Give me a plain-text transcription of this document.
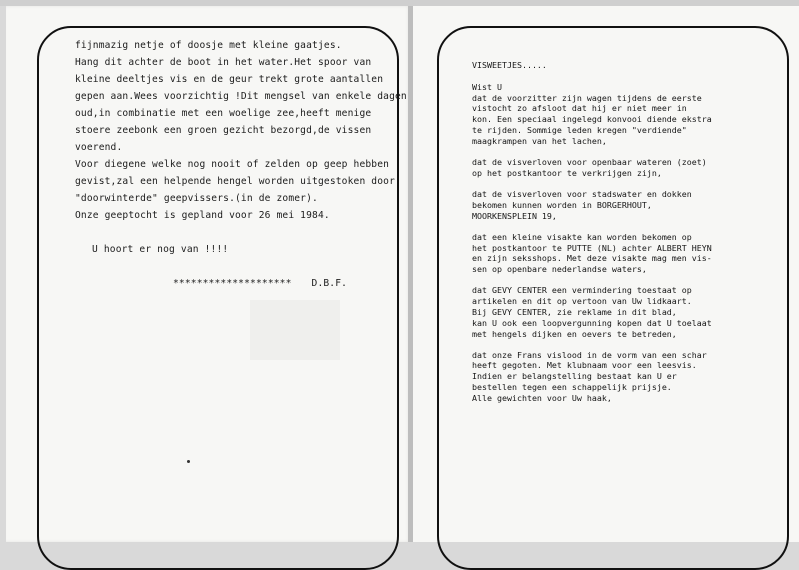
fijnmazig netje of doosje met kleine gaatjes.
Hang dit achter de boot in het water.Het spoor van
kleine deeltjes vis en de geur trekt grote aantallen
gepen aan.Wees voorzichtig !Dit mengsel van enkele dagen
oud,in combinatie met een woelige zee,heeft menige
stoere zeebonk een groen gezicht bezorgd,de vissen
voerend.
Voor diegene welke nog nooit of zelden op geep hebben
gevist,zal een helpende hengel worden uitgestoken door
"doorwinterde" geepvissers.(in de zomer).
Onze geeptocht is gepland voor 26 mei 1984.
U hoort er nog van !!!!
******************** D.B.F.
VISWEETJES.....
Wist U
dat de voorzitter zijn wagen tijdens de eerste
vistocht zo afsloot dat hij er niet meer in
kon. Een speciaal ingelegd konvooi diende ekstra
te rijden. Sommige leden kregen "verdiende"
maagkrampen van het lachen,
dat de visverloven voor openbaar wateren (zoet)
op het postkantoor te verkrijgen zijn,
dat de visverloven voor stadswater en dokken
bekomen kunnen worden in BORGERHOUT,
MOORKENSPLEIN 19,
dat een kleine visakte kan worden bekomen op
het postkantoor te PUTTE (NL) achter ALBERT HEYN
en zijn seksshops. Met deze visakte mag men vis-
sen op openbare nederlandse waters,
dat GEVY CENTER een vermindering toestaat op
artikelen en dit op vertoon van Uw lidkaart.
Bij GEVY CENTER, zie reklame in dit blad,
kan U ook een loopvergunning kopen dat U toelaat
met hengels dijken en oevers te betreden,
dat onze Frans vislood in de vorm van een schar
heeft gegoten. Met klubnaam voor een leesvis.
Indien er belangstelling bestaat kan U er
bestellen tegen een schappelijk prijsje.
Alle gewichten voor Uw haak,
